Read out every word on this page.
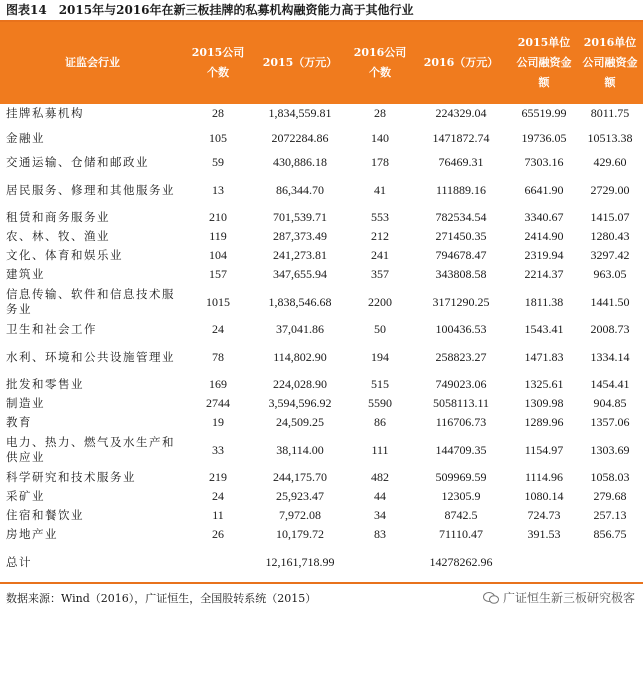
图表14　2015年与2016年在新三板挂牌的私募机构融资能力高于其他行业
证监会行业	2015公司个数	2015（万元）	2016公司个数	2016（万元）	2015单位公司融资金额	2016单位公司融资金额
挂牌私募机构	28	1,834,559.81	28	224329.04	65519.99	8011.75
金融业	105	2072284.86	140	1471872.74	19736.05	10513.38
交通运输、仓储和邮政业	59	430,886.18	178	76469.31	7303.16	429.60
居民服务、修理和其他服务业	13	86,344.70	41	111889.16	6641.90	2729.00
租赁和商务服务业	210	701,539.71	553	782534.54	3340.67	1415.07
农、林、牧、渔业	119	287,373.49	212	271450.35	2414.90	1280.43
文化、体育和娱乐业	104	241,273.81	241	794678.47	2319.94	3297.42
建筑业	157	347,655.94	357	343808.58	2214.37	963.05
信息传输、软件和信息技术服务业	1015	1,838,546.68	2200	3171290.25	1811.38	1441.50
卫生和社会工作	24	37,041.86	50	100436.53	1543.41	2008.73
水利、环境和公共设施管理业	78	114,802.90	194	258823.27	1471.83	1334.14
批发和零售业	169	224,028.90	515	749023.06	1325.61	1454.41
制造业	2744	3,594,596.92	5590	5058113.11	1309.98	904.85
教育	19	24,509.25	86	116706.73	1289.96	1357.06
电力、热力、燃气及水生产和供应业	33	38,114.00	111	144709.35	1154.97	1303.69
科学研究和技术服务业	219	244,175.70	482	509969.59	1114.96	1058.03
采矿业	24	25,923.47	44	12305.9	1080.14	279.68
住宿和餐饮业	11	7,972.08	34	8742.5	724.73	257.13
房地产业	26	10,179.72	83	71110.47	391.53	856.75
总计		12,161,718.99		14278262.96		
数据来源：Wind（2016），广证恒生，全国股转系统（2015）	广证恒生新三板研究极客
